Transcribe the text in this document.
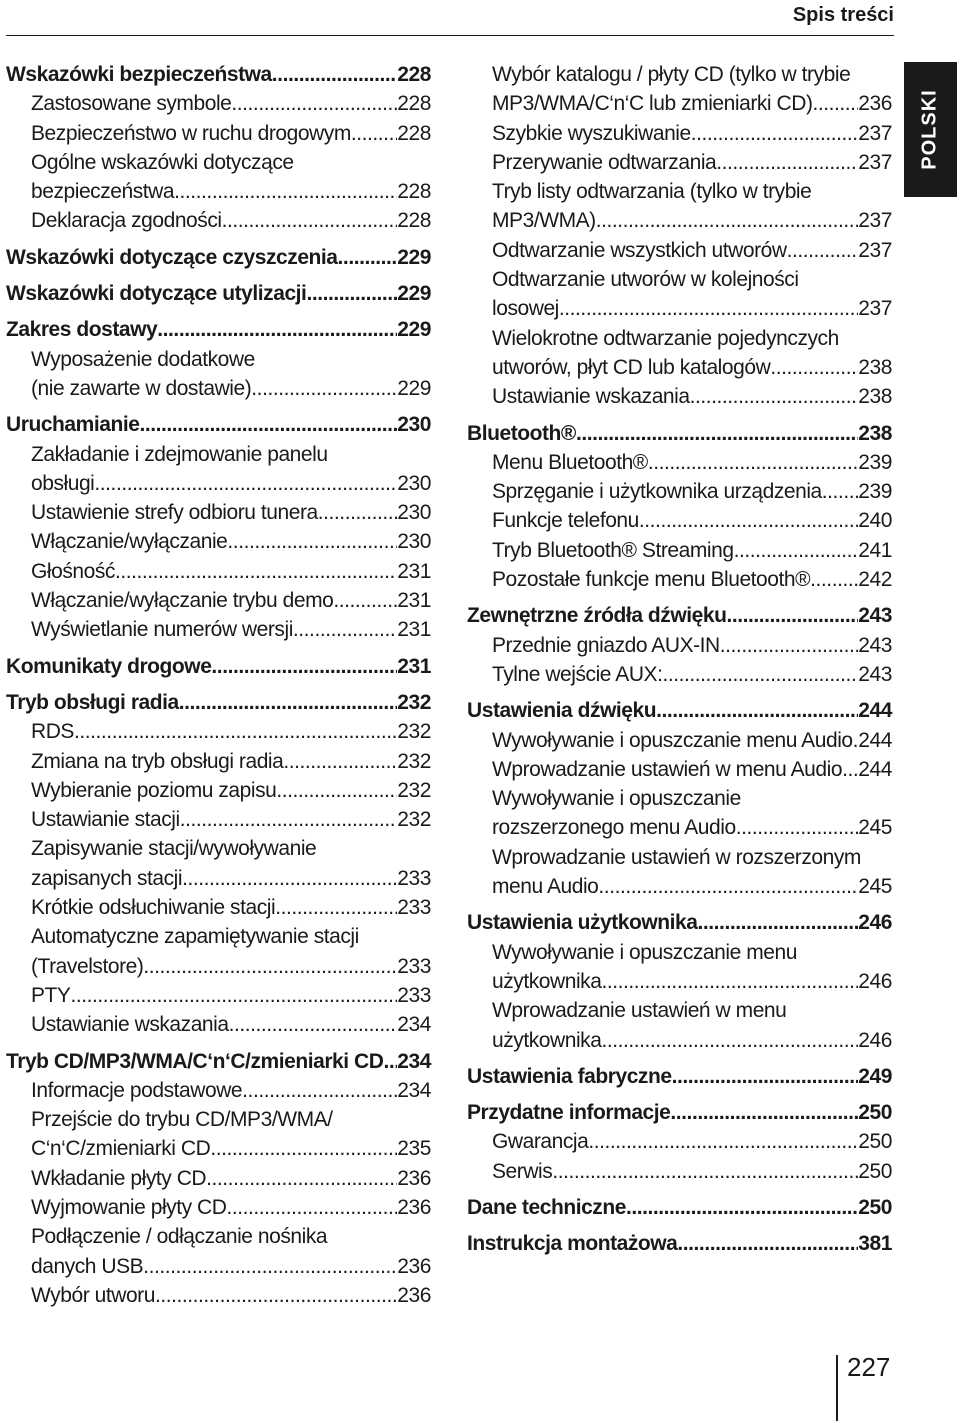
Spis treści
POLSKI
Wskazówki bezpieczeństwa .....	228
Zastosowane symbole .....	228
Bezpieczeństwo w ruchu drogowym ..... 228
Ogólne wskazówki dotyczące
bezpieczeństwa .....	228
Deklaracja zgodności .....	228
Wskazówki dotyczące czyszczenia .....	229
Wskazówki dotyczące utylizacji .....	229
Zakres dostawy .....	229
Wyposażenie dodatkowe
(nie zawarte w dostawie) .....	229
Uruchamianie .....	230
Zakładanie i zdejmowanie panelu
obsługi .....	230
Ustawienie strefy odbioru tunera .....	230
Włączanie/wyłączanie .....	230
Głośność .....	231
Włączanie/wyłączanie trybu demo .....	231
Wyświetlanie numerów wersji .....	231
Komunikaty drogowe .....	231
Tryb obsługi radia .....	232
RDS .....	232
Zmiana na tryb obsługi radia .....	232
Wybieranie poziomu zapisu .....	232
Ustawianie stacji .....	232
Zapisywanie stacji/wywoływanie
zapisanych stacji .....	233
Krótkie odsłuchiwanie stacji .....	233
Automatyczne zapamiętywanie stacji
(Travelstore) .....	233
PTY .....	233
Ustawianie wskazania .....	234
Tryb CD/MP3/WMA/C‘n‘C/zmieniarki CD ..... 234
Informacje podstawowe .....	234
Przejście do trybu CD/MP3/WMA/
C‘n‘C/zmieniarki CD .....	235
Wkładanie płyty CD .....	236
Wyjmowanie płyty CD .....	236
Podłączenie / odłączanie nośnika
danych USB .....	236
Wybór utworu .....	236
Wybór katalogu / płyty CD (tylko w trybie
MP3/WMA/C‘n‘C lub zmieniarki CD) ..... 236
Szybkie wyszukiwanie .....	237
Przerywanie odtwarzania .....	237
Tryb listy odtwarzania (tylko w trybie
MP3/WMA) .....	237
Odtwarzanie wszystkich utworów .....	237
Odtwarzanie utworów w kolejności
losowej .....	237
Wielokrotne odtwarzanie pojedynczych
utworów, płyt CD lub katalogów .....	238
Ustawianie wskazania .....	238
Bluetooth® .....	238
Menu Bluetooth® .....	239
Sprzęganie i użytkownika urządzenia ..... 239
Funkcje telefonu .....	240
Tryb Bluetooth® Streaming .....	241
Pozostałe funkcje menu Bluetooth® ..... 242
Zewnętrzne źródła dźwięku .....	243
Przednie gniazdo AUX-IN .....	243
Tylne wejście AUX: .....	243
Ustawienia dźwięku .....	244
Wywoływanie i opuszczanie menu Audio ..... 244
Wprowadzanie ustawień w menu Audio ..... 244
Wywoływanie i opuszczanie
rozszerzonego menu Audio .....	245
Wprowadzanie ustawień w rozszerzonym
menu Audio .....	245
Ustawienia użytkownika .....	246
Wywoływanie i opuszczanie menu
użytkownika .....	246
Wprowadzanie ustawień w menu
użytkownika .....	246
Ustawienia fabryczne .....	249
Przydatne informacje .....	250
Gwarancja .....	250
Serwis .....	250
Dane techniczne .....	250
Instrukcja montażowa .....	381
227
